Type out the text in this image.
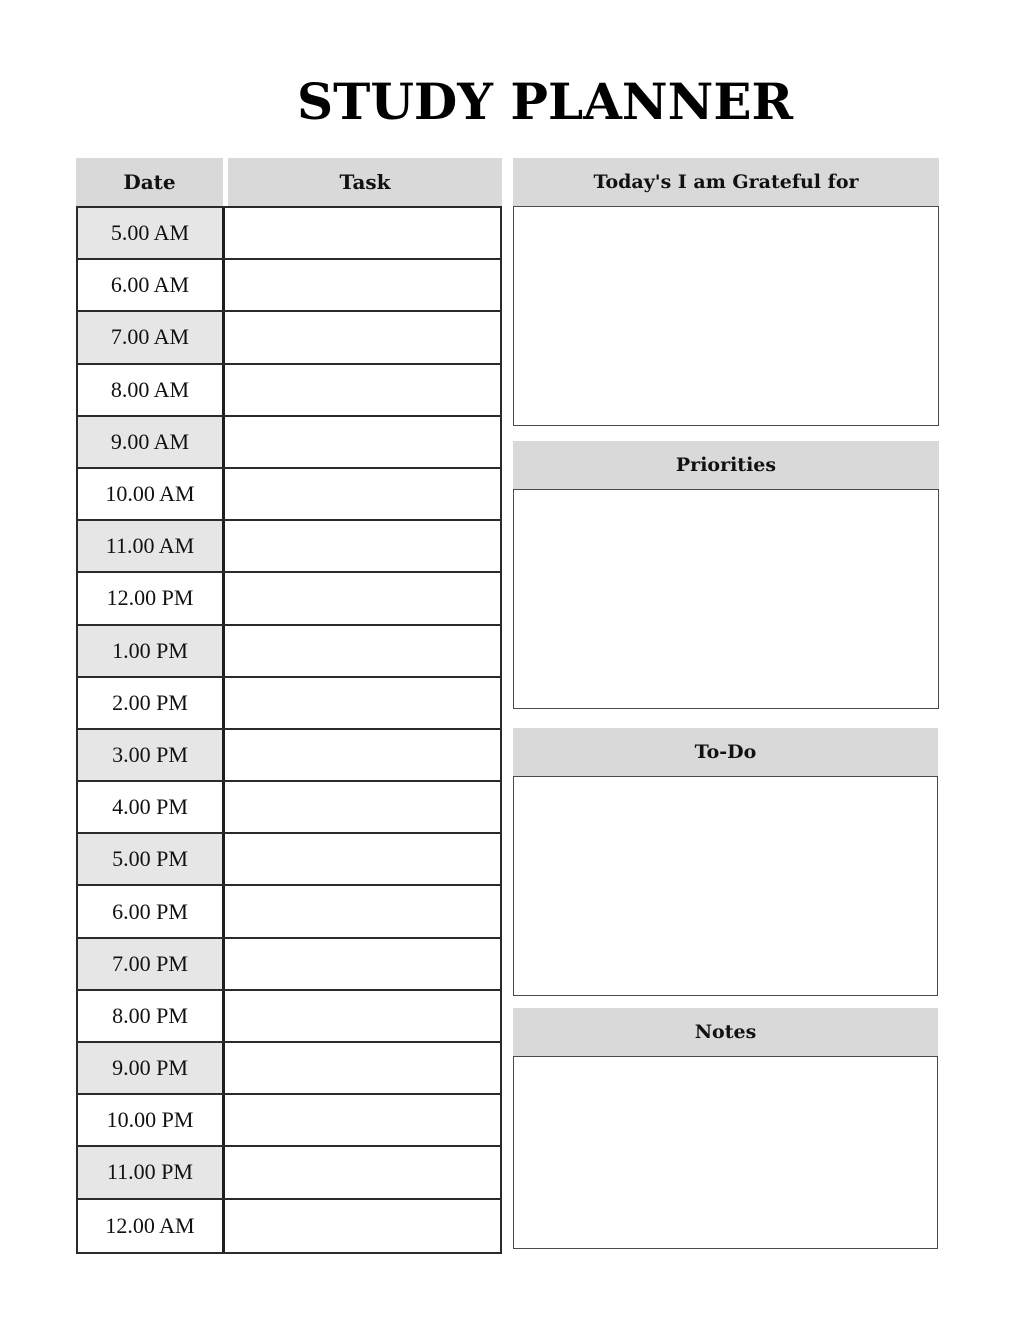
STUDY PLANNER
Date	Task
5.00 AM
6.00 AM
7.00 AM
8.00 AM
9.00 AM
10.00 AM
11.00 AM
12.00 PM
1.00 PM
2.00 PM
3.00 PM
4.00 PM
5.00 PM
6.00 PM
7.00 PM
8.00 PM
9.00 PM
10.00 PM
11.00 PM
12.00 AM
Today's I am Grateful for
Priorities
To-Do
Notes
